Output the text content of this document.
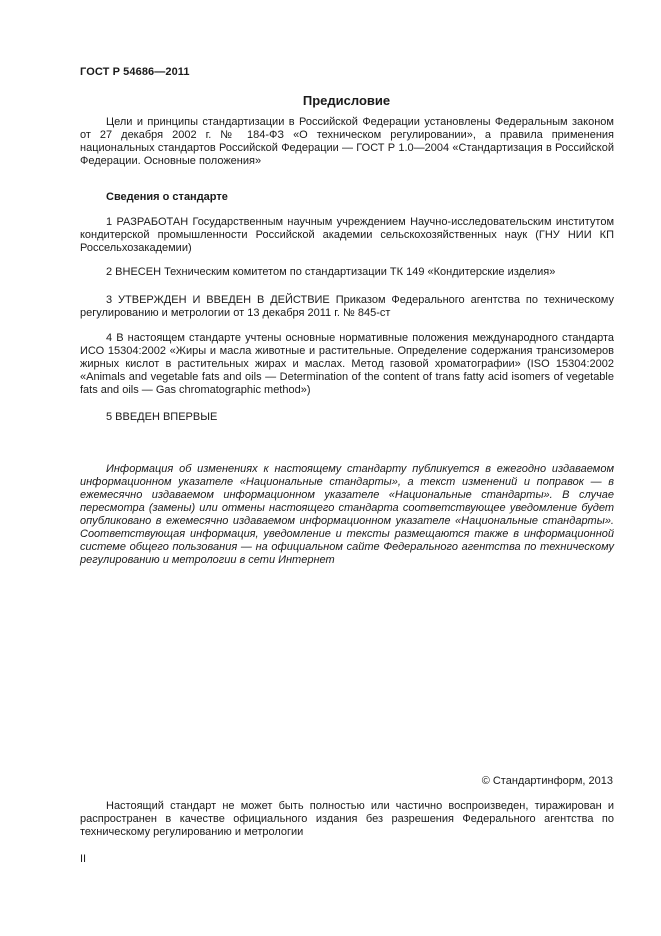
ГОСТ Р 54686—2011
Предисловие

Цели и принципы стандартизации в Российской Федерации установлены Федеральным законом от 27 декабря 2002 г. № 184-ФЗ «О техническом регулировании», а правила применения национальных стандартов Российской Федерации — ГОСТ Р 1.0—2004 «Стандартизация в Российской Федерации. Основные положения»

Сведения о стандарте

1 РАЗРАБОТАН Государственным научным учреждением Научно-исследовательским институтом кондитерской промышленности Российской академии сельскохозяйственных наук (ГНУ НИИ КП Россельхозакадемии)

2 ВНЕСЕН Техническим комитетом по стандартизации ТК 149 «Кондитерские изделия»

3 УТВЕРЖДЕН И ВВЕДЕН В ДЕЙСТВИЕ Приказом Федерального агентства по техническому регулированию и метрологии от 13 декабря 2011 г. № 845-ст

4 В настоящем стандарте учтены основные нормативные положения международного стандарта ИСО 15304:2002 «Жиры и масла животные и растительные. Определение содержания трансизомеров жирных кислот в растительных жирах и маслах. Метод газовой хроматографии» (ISO 15304:2002 «Animals and vegetable fats and oils — Determination of the content of trans fatty acid isomers of vegetable fats and oils — Gas chromatographic method»)

5 ВВЕДЕН ВПЕРВЫЕ

Информация об изменениях к настоящему стандарту публикуется в ежегодно издаваемом информационном указателе «Национальные стандарты», а текст изменений и поправок — в ежемесячно издаваемом информационном указателе «Национальные стандарты». В случае пересмотра (замены) или отмены настоящего стандарта соответствующее уведомление будет опубликовано в ежемесячно издаваемом информационном указателе «Национальные стандарты». Соответствующая информация, уведомление и тексты размещаются также в информационной системе общего пользования — на официальном сайте Федерального агентства по техническому регулированию и метрологии в сети Интернет

© Стандартинформ, 2013

Настоящий стандарт не может быть полностью или частично воспроизведен, тиражирован и распространен в качестве официального издания без разрешения Федерального агентства по техническому регулированию и метрологии

II
